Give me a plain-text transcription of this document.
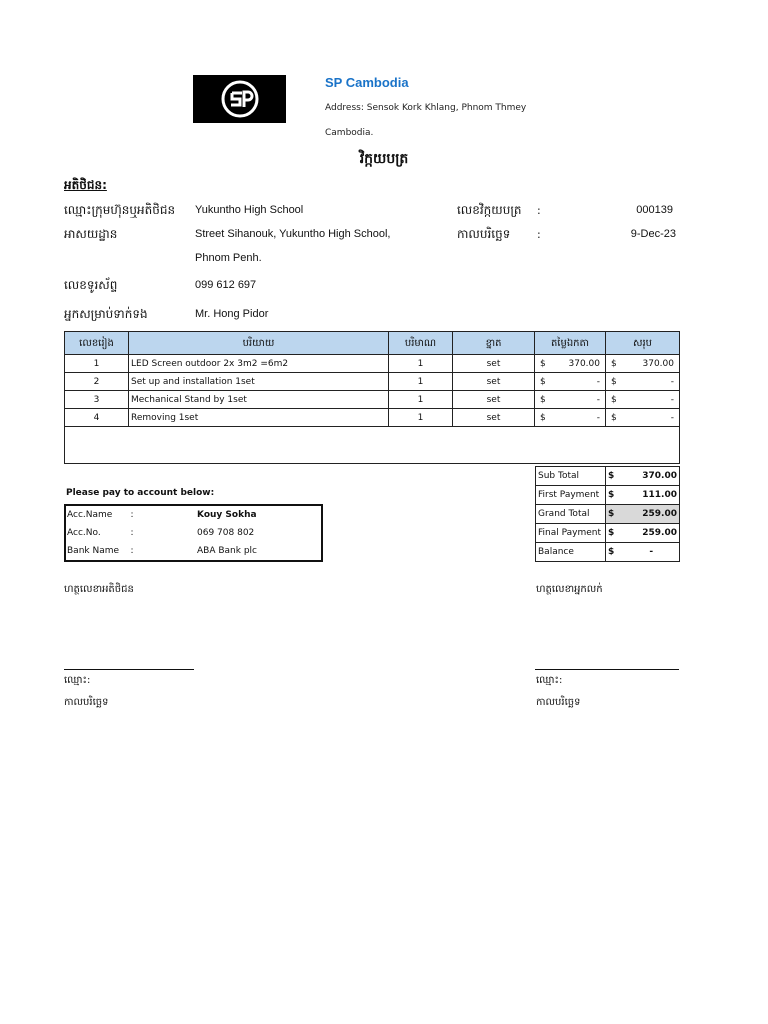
SP Cambodia
Address: Sensok Kork Khlang, Phnom Thmey
Cambodia.
វិក្កយបត្រ
អតិថិជន:
ឈ្មោះក្រុមហ៊ុនឬអតិថិជន Yukuntho High School
អាសយដ្ឋាន	Street Sihanouk, Yukuntho High School,
Phnom Penh.
លេខទូរស័ព្ទ	099 612 697
អ្នកសម្រាប់ទាក់ទង	Mr. Hong Pidor
លេខវិក្កយបត្រ :	000139
កាលបរិច្ឆេទ :	9-Dec-23
លេខរៀង	បរិយាយ	បរិមាណ	ខ្នាត	តម្លៃឯកតា	សរុប
1	LED Screen outdoor 2x 3m2 =6m2	1	set	$ 370.00	$ 370.00

2	Set up and installation 1set	1	set	$ -	$ -

3	Mechanical Stand by 1set	1	set	$ -	$ -

4	Removing 1set	1	set	$ -	$ -

Sub Total	$	370.00
First Payment	$	111.00
Grand Total	$	259.00
Final Payment	$	259.00
Balance	$	-
Please pay to account below:
Acc.Name	:	Kouy Sokha
Acc.No.	:	069 708 802
Bank Name	:	ABA Bank plc
ហត្ថលេខាអតិថិជន	ហត្ថលេខាអ្នកលក់
ឈ្មោះ:	ឈ្មោះ:
កាលបរិច្ឆេទ	កាលបរិច្ឆេទ
